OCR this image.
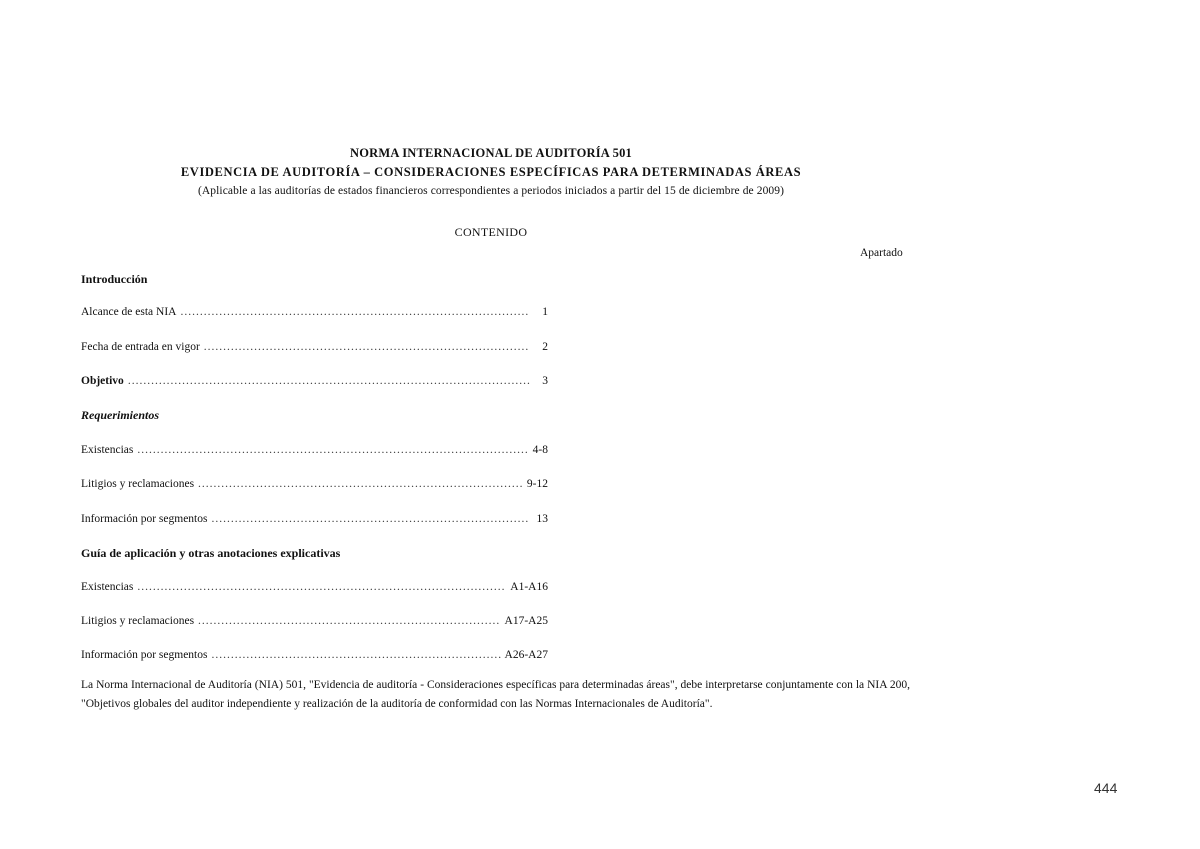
NORMA INTERNACIONAL DE AUDITORÍA 501
EVIDENCIA DE AUDITORÍA – CONSIDERACIONES ESPECÍFICAS PARA DETERMINADAS ÁREAS
(Aplicable a las auditorías de estados financieros correspondientes a periodos iniciados a partir del 15 de diciembre de 2009)
CONTENIDO
Apartado
Introducción
Alcance de esta NIA .....	1
Fecha de entrada en vigor .....	2
Objetivo .....	3
Requerimientos
Existencias .....	4-8
Litigios y reclamaciones .....	9-12
Información por segmentos .....	13
Guía de aplicación y otras anotaciones explicativas
Existencias .....	A1-A16
Litigios y reclamaciones .....	A17-A25
Información por segmentos .....	A26-A27

La Norma Internacional de Auditoría (NIA) 501, "Evidencia de auditoría - Consideraciones específicas para determinadas áreas", debe interpretarse conjuntamente con la NIA 200, "Objetivos globales del auditor independiente y realización de la auditoría de conformidad con las Normas Internacionales de Auditoría".

444
